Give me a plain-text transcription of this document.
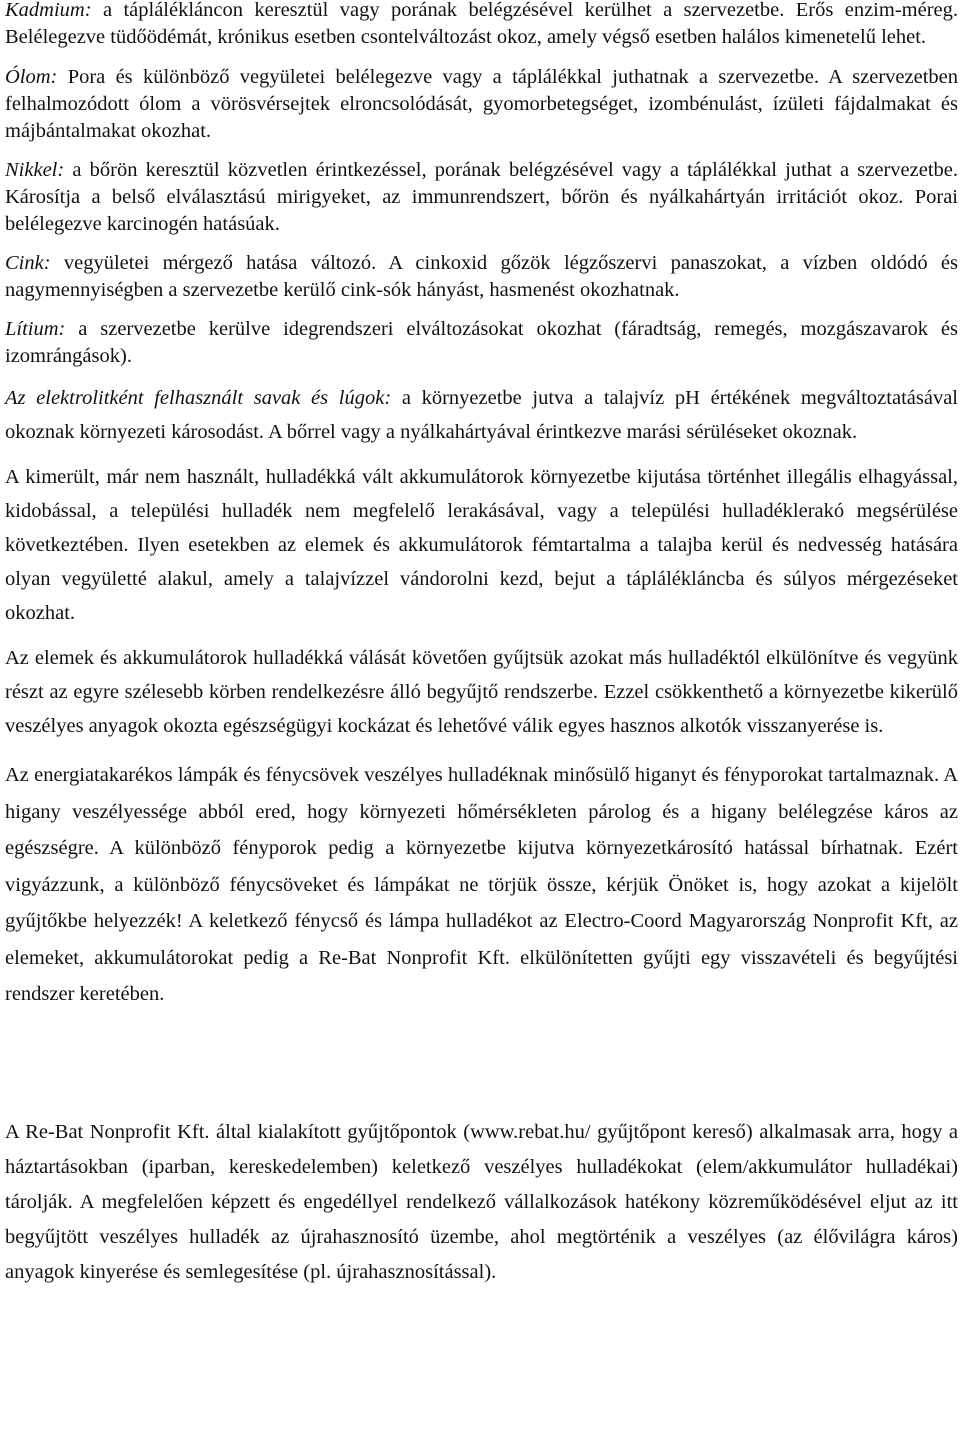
Kadmium: a táplálékláncon keresztül vagy porának belégzésével kerülhet a szervezetbe. Erős enzim-méreg. Belélegezve tüdőödémát, krónikus esetben csontelváltozást okoz, amely végső esetben halálos kimenetelű lehet.

Ólom: Pora és különböző vegyületei belélegezve vagy a táplálékkal juthatnak a szervezetbe. A szervezetben felhalmozódott ólom a vörösvérsejtek elroncsolódását, gyomorbetegséget, izombénulást, ízületi fájdalmakat és májbántalmakat okozhat.

Nikkel: a bőrön keresztül közvetlen érintkezéssel, porának belégzésével vagy a táplálékkal juthat a szervezetbe. Károsítja a belső elválasztású mirigyeket, az immunrendszert, bőrön és nyálkahártyán irritációt okoz. Porai belélegezve karcinogén hatásúak.

Cink: vegyületei mérgező hatása változó. A cinkoxid gőzök légzőszervi panaszokat, a vízben oldódó és nagymennyiségben a szervezetbe kerülő cink-sók hányást, hasmenést okozhatnak.

Lítium: a szervezetbe kerülve idegrendszeri elváltozásokat okozhat (fáradtság, remegés, mozgászavarok és izomrángások).

Az elektrolitként felhasznált savak és lúgok: a környezetbe jutva a talajvíz pH értékének megváltoztatásával okoznak környezeti károsodást. A bőrrel vagy a nyálkahártyával érintkezve marási sérüléseket okoznak.

A kimerült, már nem használt, hulladékká vált akkumulátorok környezetbe kijutása történhet illegális elhagyással, kidobással, a települési hulladék nem megfelelő lerakásával, vagy a települési hulladéklerakó megsérülése következtében. Ilyen esetekben az elemek és akkumulátorok fémtartalma a talajba kerül és nedvesség hatására olyan vegyületté alakul, amely a talajvízzel vándorolni kezd, bejut a táplálékláncba és súlyos mérgezéseket okozhat.

Az elemek és akkumulátorok hulladékká válását követően gyűjtsük azokat más hulladéktól elkülönítve és vegyünk részt az egyre szélesebb körben rendelkezésre álló begyűjtő rendszerbe. Ezzel csökkenthető a környezetbe kikerülő veszélyes anyagok okozta egészségügyi kockázat és lehetővé válik egyes hasznos alkotók visszanyerése is.

Az energiatakarékos lámpák és fénycsövek veszélyes hulladéknak minősülő higanyt és fényporokat tartalmaznak. A higany veszélyessége abból ered, hogy környezeti hőmérsékleten párolog és a higany belélegzése káros az egészségre. A különböző fényporok pedig a környezetbe kijutva környezetkárosító hatással bírhatnak. Ezért vigyázzunk, a különböző fénycsöveket és lámpákat ne törjük össze, kérjük Önöket is, hogy azokat a kijelölt gyűjtőkbe helyezzék! A keletkező fénycső és lámpa hulladékot az Electro-Coord Magyarország Nonprofit Kft, az elemeket, akkumulátorokat pedig a Re-Bat Nonprofit Kft. elkülönítetten gyűjti egy visszavételi és begyűjtési rendszer keretében.

A Re-Bat Nonprofit Kft. által kialakított gyűjtőpontok (www.rebat.hu/ gyűjtőpont kereső) alkalmasak arra, hogy a háztartásokban (iparban, kereskedelemben) keletkező veszélyes hulladékokat (elem/akkumulátor hulladékai) tárolják. A megfelelően képzett és engedéllyel rendelkező vállalkozások hatékony közreműködésével eljut az itt begyűjtött veszélyes hulladék az újrahasznosító üzembe, ahol megtörténik a veszélyes (az élővilágra káros) anyagok kinyerése és semlegesítése (pl. újrahasznosítással).
